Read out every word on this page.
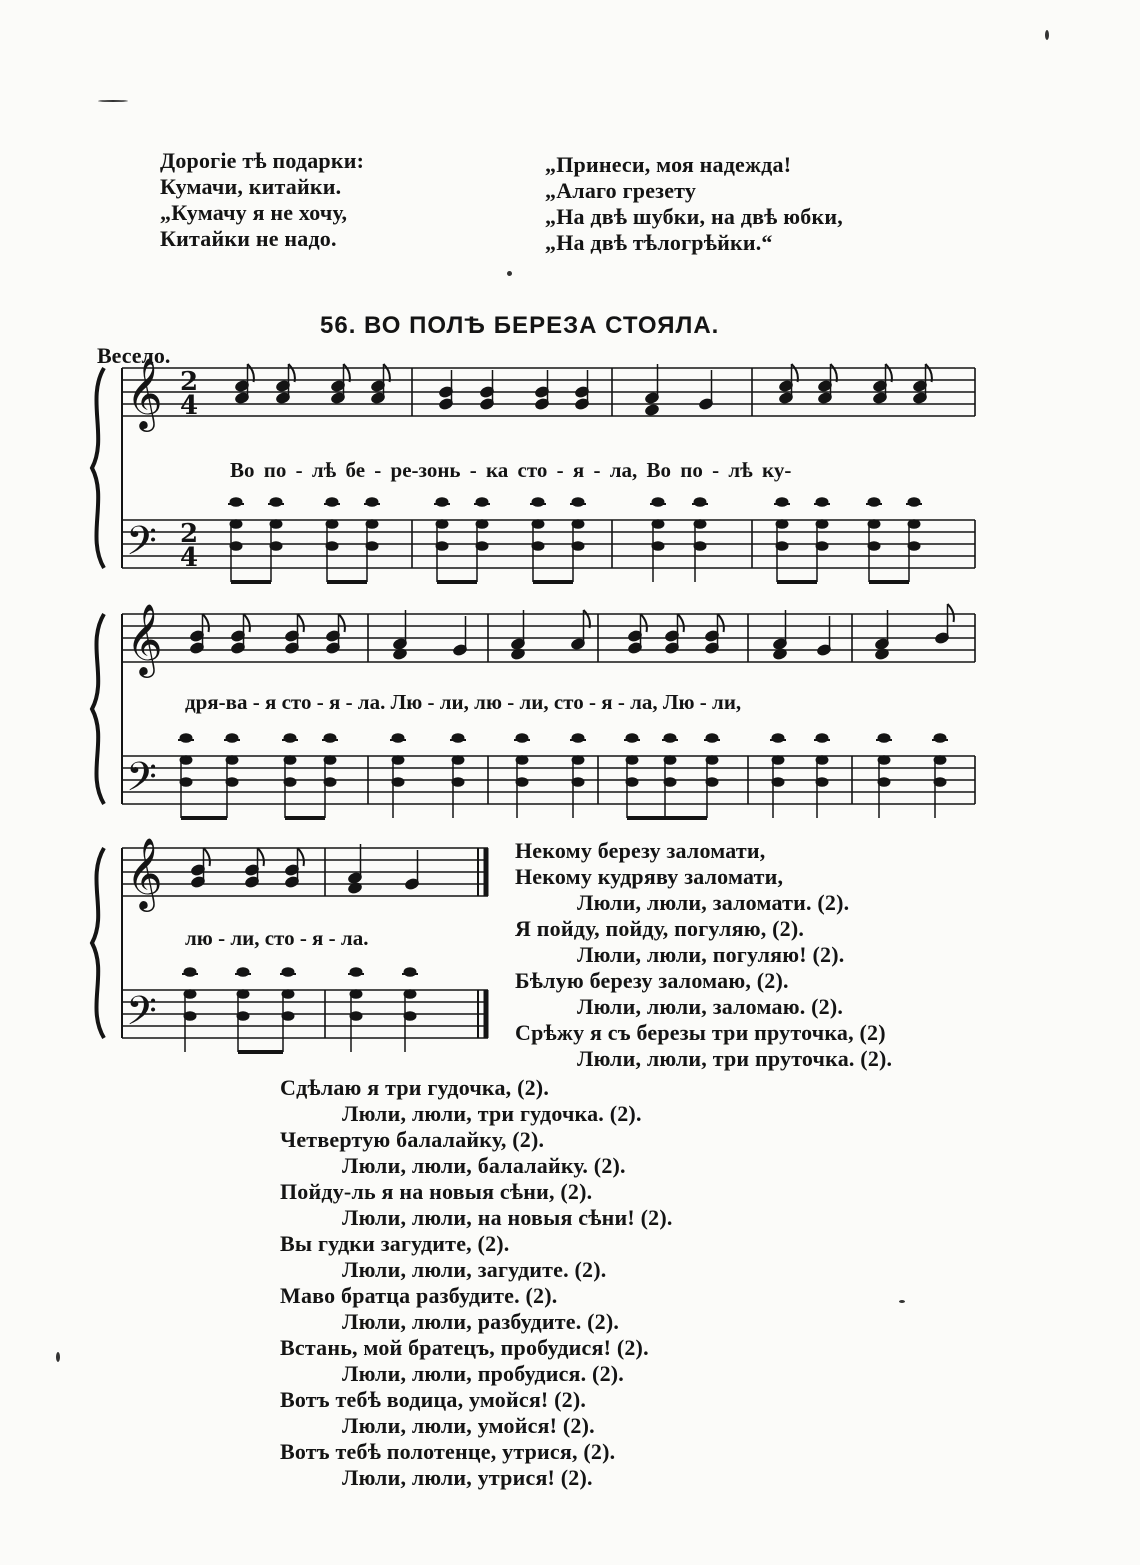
Дорогіе тѣ подарки:
Кумачи, китайки.
„Кумачу я не хочу,
Китайки не надо.
„Принеси, моя надежда!
„Алаго грезету
„На двѣ шубки, на двѣ юбки,
„На двѣ тѣлогрѣйки.“
56. ВО ПОЛѢ БЕРЕЗА СТОЯЛА.
Весело.
𝄞
𝄢
2
4
2
4
𝄞
𝄢
𝄞
𝄢
Во по - лѣ бе - ре-зонь - ка сто - я - ла, Во по - лѣ ку-
дря-ва - я сто - я - ла. Лю - ли, лю - ли, сто - я - ла, Лю - ли,
лю - ли, сто - я - ла.
Некому березу заломати,
Некому кудряву заломати,
Люли, люли, заломати. (2).
Я пойду, пойду, погуляю, (2).
Люли, люли, погуляю! (2).
Бѣлую березу заломаю, (2).
Люли, люли, заломаю. (2).
Срѣжу я съ березы три пруточка, (2)
Люли, люли, три пруточка. (2).
Сдѣлаю я три гудочка, (2).
Люли, люли, три гудочка. (2).
Четвертую балалайку, (2).
Люли, люли, балалайку. (2).
Пойду-ль я на новыя сѣни, (2).
Люли, люли, на новыя сѣни! (2).
Вы гудки загудите, (2).
Люли, люли, загудите. (2).
Маво братца разбудите. (2).
Люли, люли, разбудите. (2).
Встань, мой братецъ, пробудися! (2).
Люли, люли, пробудися. (2).
Вотъ тебѣ водица, умойся! (2).
Люли, люли, умойся! (2).
Вотъ тебѣ полотенце, утрися, (2).
Люли, люли, утрися! (2).
